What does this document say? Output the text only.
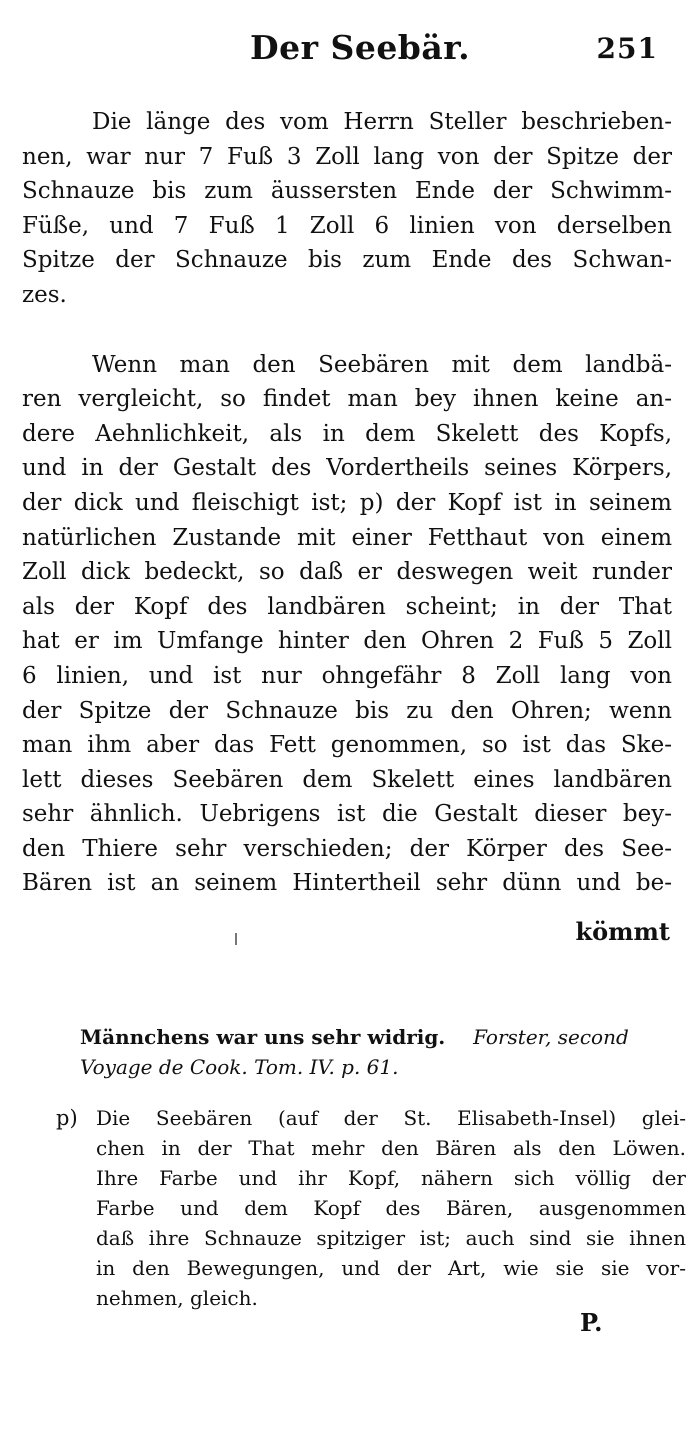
Der Seebär.	251

Die länge des vom Herrn Steller beschrieben-
nen, war nur 7 Fuß 3 Zoll lang von der Spitze der
Schnauze bis zum äussersten Ende der Schwimm-
Füße, und 7 Fuß 1 Zoll 6 linien von derselben
Spitze der Schnauze bis zum Ende des Schwan-
zes.

Wenn man den Seebären mit dem landbä-
ren vergleicht, so findet man bey ihnen keine an-
dere Aehnlichkeit, als in dem Skelett des Kopfs,
und in der Gestalt des Vordertheils seines Körpers,
der dick und fleischigt ist; p) der Kopf ist in seinem
natürlichen Zustande mit einer Fetthaut von einem
Zoll dick bedeckt, so daß er deswegen weit runder
als der Kopf des landbären scheint; in der That
hat er im Umfange hinter den Ohren 2 Fuß 5 Zoll
6 linien, und ist nur ohngefähr 8 Zoll lang von
der Spitze der Schnauze bis zu den Ohren; wenn
man ihm aber das Fett genommen, so ist das Ske-
lett dieses Seebären dem Skelett eines landbären
sehr ähnlich. Uebrigens ist die Gestalt dieser bey-
den Thiere sehr verschieden; der Körper des See-
Bären ist an seinem Hintertheil sehr dünn und be-

kömmt
Männchens war uns sehr widrig. Forster, second
Voyage de Cook. Tom. IV. p. 61.
p) Die Seebären (auf der St. Elisabeth-Insel) glei-
chen in der That mehr den Bären als den Löwen.
Ihre Farbe und ihr Kopf, nähern sich völlig der
Farbe und dem Kopf des Bären, ausgenommen
daß ihre Schnauze spitziger ist; auch sind sie ihnen
in den Bewegungen, und der Art, wie sie sie vor-
nehmen, gleich.
P.
